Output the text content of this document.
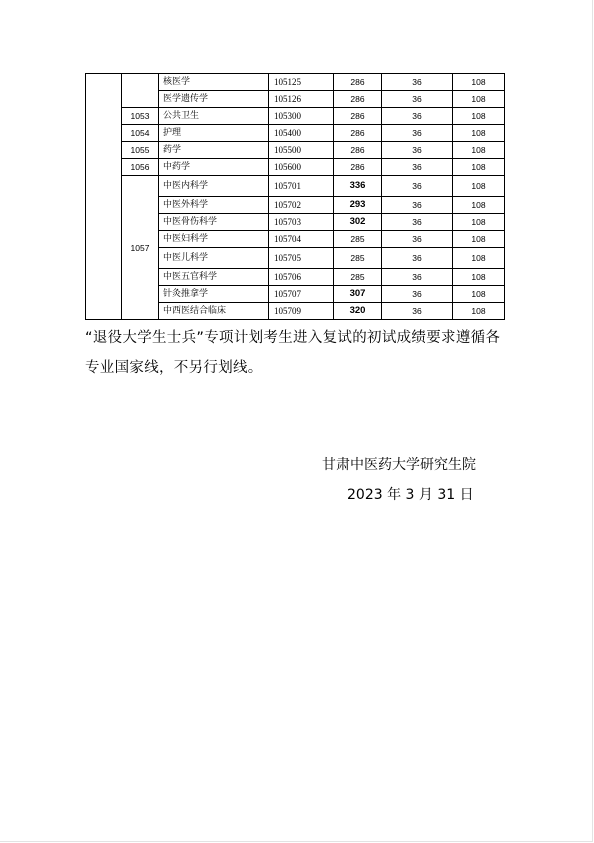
		核医学	105125	286	36	108
		医学遗传学	105126	286	36	108
	1053	公共卫生	105300	286	36	108
	1054	护理	105400	286	36	108
	1055	药学	105500	286	36	108
	1056	中药学	105600	286	36	108
	1057	中医内科学	105701	336	36	108
		中医外科学	105702	293	36	108
		中医骨伤科学	105703	302	36	108
		中医妇科学	105704	285	36	108
		中医儿科学	105705	285	36	108
		中医五官科学	105706	285	36	108
		针灸推拿学	105707	307	36	108
		中西医结合临床	105709	320	36	108
“退役大学生士兵”专项计划考生进入复试的初试成绩要求遵循各专业国家线，不另行划线。
甘肃中医药大学研究生院
2023 年 3 月 31 日
